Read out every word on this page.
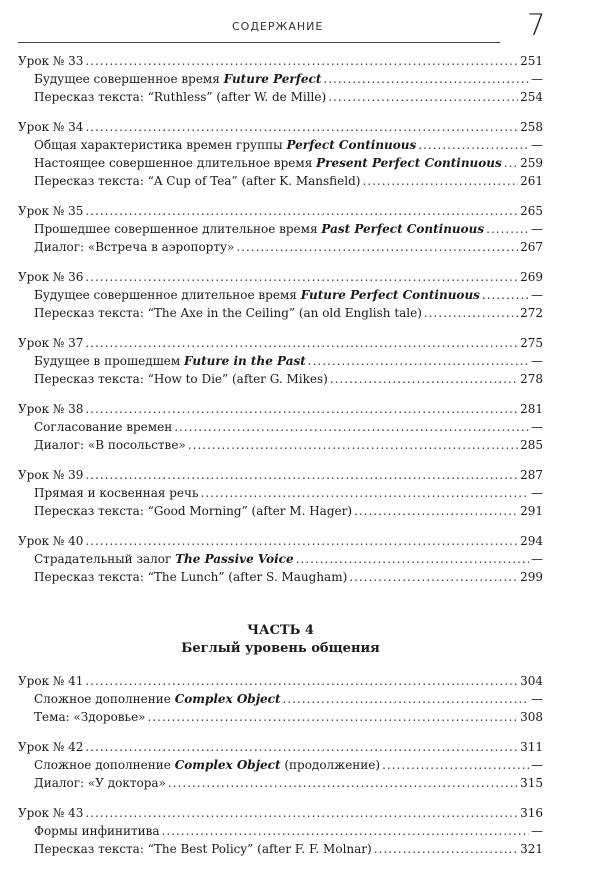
СОДЕРЖАНИЕ	7
Урок № 33 .....	251
Будущее совершенное время Future Perfect .....	—
Пересказ текста: “Ruthless” (after W. de Mille) .....	254
Урок № 34 .....	258
Общая характеристика времен группы Perfect Continuous .....	—
Настоящее совершенное длительное время Present Perfect Continuous ..... 259
Пересказ текста: “A Cup of Tea” (after K. Mansfield) .....	261
Урок № 35 .....	265
Прошедшее совершенное длительное время Past Perfect Continuous .....	—
Диалог: «Встреча в аэропорту» .....	267
Урок № 36 .....	269
Будущее совершенное длительное время Future Perfect Continuous .....	—
Пересказ текста: “The Axe in the Ceiling” (an old English tale) .....	272
Урок № 37 .....	275
Будущее в прошедшем Future in the Past .....	—
Пересказ текста: “How to Die” (after G. Mikes) .....	278
Урок № 38 .....	281
Согласование времен .....	—
Диалог: «В посольстве» .....	285
Урок № 39 .....	287
Прямая и косвенная речь .....	—
Пересказ текста: “Good Morning” (after M. Hager) .....	291
Урок № 40 .....	294
Страдательный залог The Passive Voice .....	—
Пересказ текста: “The Lunch” (after S. Maugham) .....	299
ЧАСТЬ 4
Беглый уровень общения
Урок № 41 .....	304
Сложное дополнение Complex Object .....	—
Тема: «Здоровье» .....	308
Урок № 42 .....	311
Сложное дополнение Complex Object (продолжение) .....	—
Диалог: «У доктора» .....	315
Урок № 43 .....	316
Формы инфинитива .....	—
Пересказ текста: “The Best Policy” (after F. F. Molnar) .....	321
